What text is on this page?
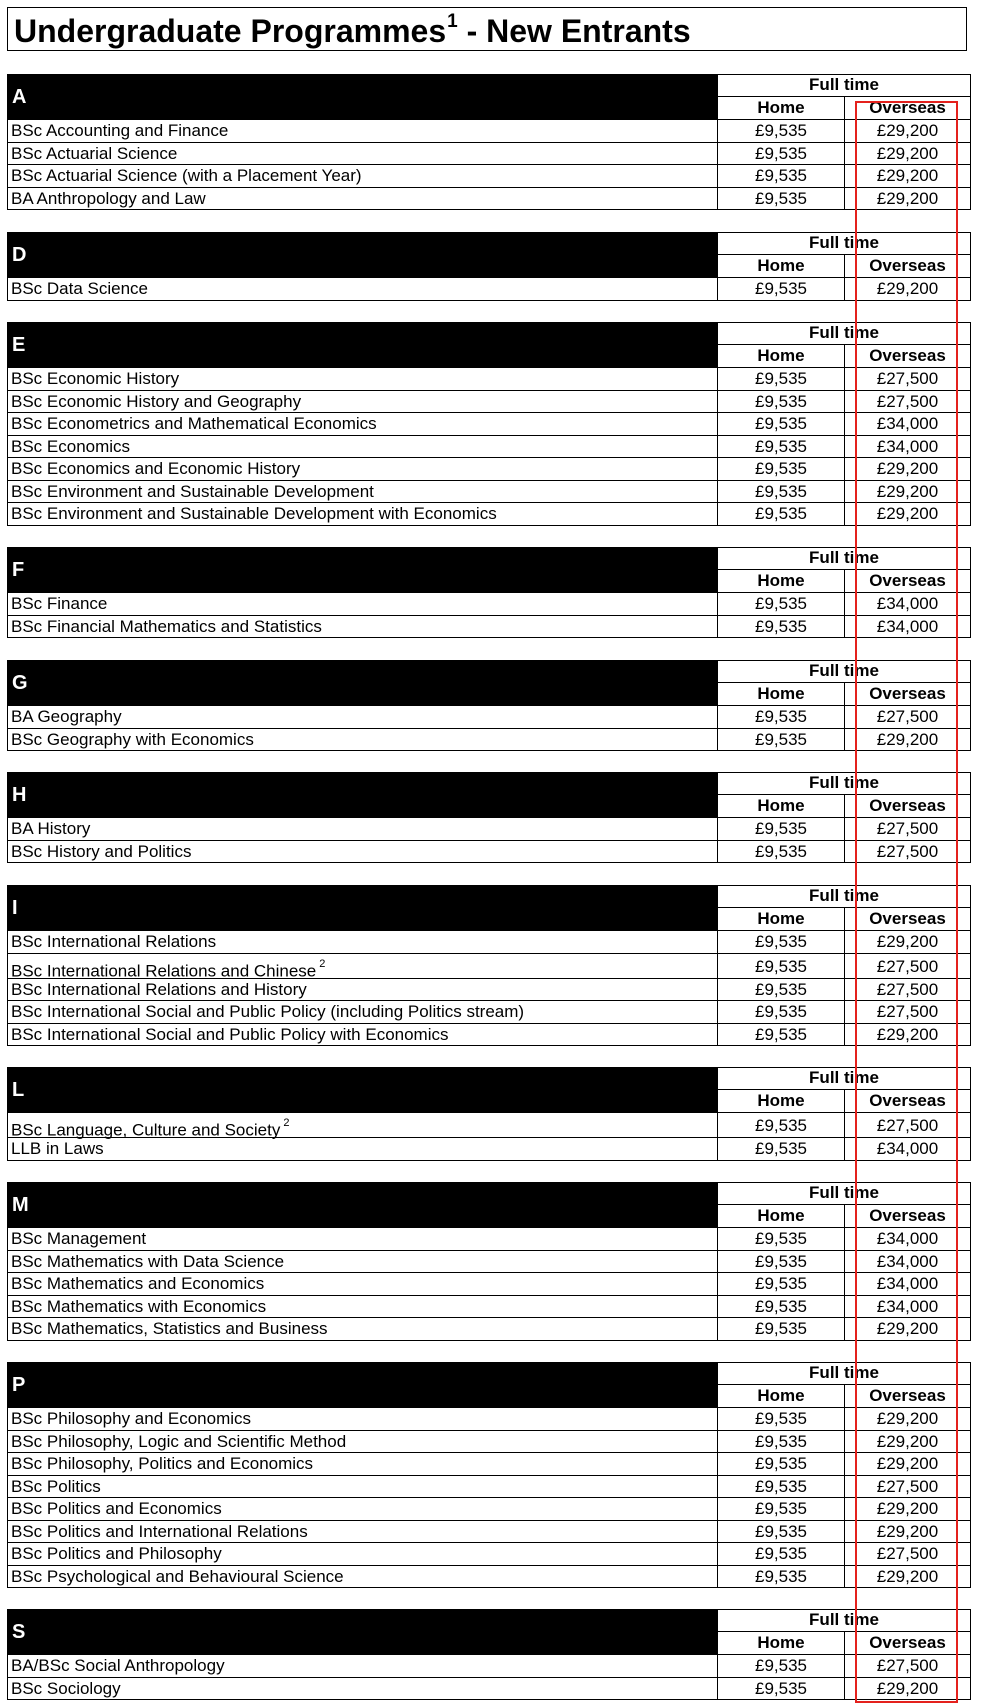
Undergraduate Programmes$^1$ - New Entrants
A
Full time
Home	Overseas
BSc Accounting and Finance	£9,535	£29,200
BSc Actuarial Science	£9,535	£29,200
BSc Actuarial Science (with a Placement Year)	£9,535	£29,200
BA Anthropology and Law	£9,535	£29,200
D
Full time
Home	Overseas
BSc Data Science	£9,535	£29,200
E
Full time
Home	Overseas
BSc Economic History	£9,535	£27,500
BSc Economic History and Geography	£9,535	£27,500
BSc Econometrics and Mathematical Economics	£9,535	£34,000
BSc Economics	£9,535	£34,000
BSc Economics and Economic History	£9,535	£29,200
BSc Environment and Sustainable Development	£9,535	£29,200
BSc Environment and Sustainable Development with Economics	£9,535	£29,200
F
Full time
Home	Overseas
BSc Finance	£9,535	£34,000
BSc Financial Mathematics and Statistics	£9,535	£34,000
G
Full time
Home	Overseas
BA Geography	£9,535	£27,500
BSc Geography with Economics	£9,535	£29,200
H
Full time
Home	Overseas
BA History	£9,535	£27,500
BSc History and Politics	£9,535	£27,500
I
Full time
Home	Overseas
BSc International Relations	£9,535	£29,200
BSc International Relations and Chinese $^2$	£9,535	£27,500
BSc International Relations and History	£9,535	£27,500
BSc International Social and Public Policy (including Politics stream)	£9,535	£27,500
BSc International Social and Public Policy with Economics	£9,535	£29,200
L
Full time
Home	Overseas
BSc Language, Culture and Society $^2$	£9,535	£27,500
LLB in Laws	£9,535	£34,000
M
Full time
Home	Overseas
BSc Management	£9,535	£34,000
BSc Mathematics with Data Science	£9,535	£34,000
BSc Mathematics and Economics	£9,535	£34,000
BSc Mathematics with Economics	£9,535	£34,000
BSc Mathematics, Statistics and Business	£9,535	£29,200
P
Full time
Home	Overseas
BSc Philosophy and Economics	£9,535	£29,200
BSc Philosophy, Logic and Scientific Method	£9,535	£29,200
BSc Philosophy, Politics and Economics	£9,535	£29,200
BSc Politics	£9,535	£27,500
BSc Politics and Economics	£9,535	£29,200
BSc Politics and International Relations	£9,535	£29,200
BSc Politics and Philosophy	£9,535	£27,500
BSc Psychological and Behavioural Science	£9,535	£29,200
S
Full time
Home	Overseas
BA/BSc Social Anthropology	£9,535	£27,500
BSc Sociology	£9,535	£29,200
